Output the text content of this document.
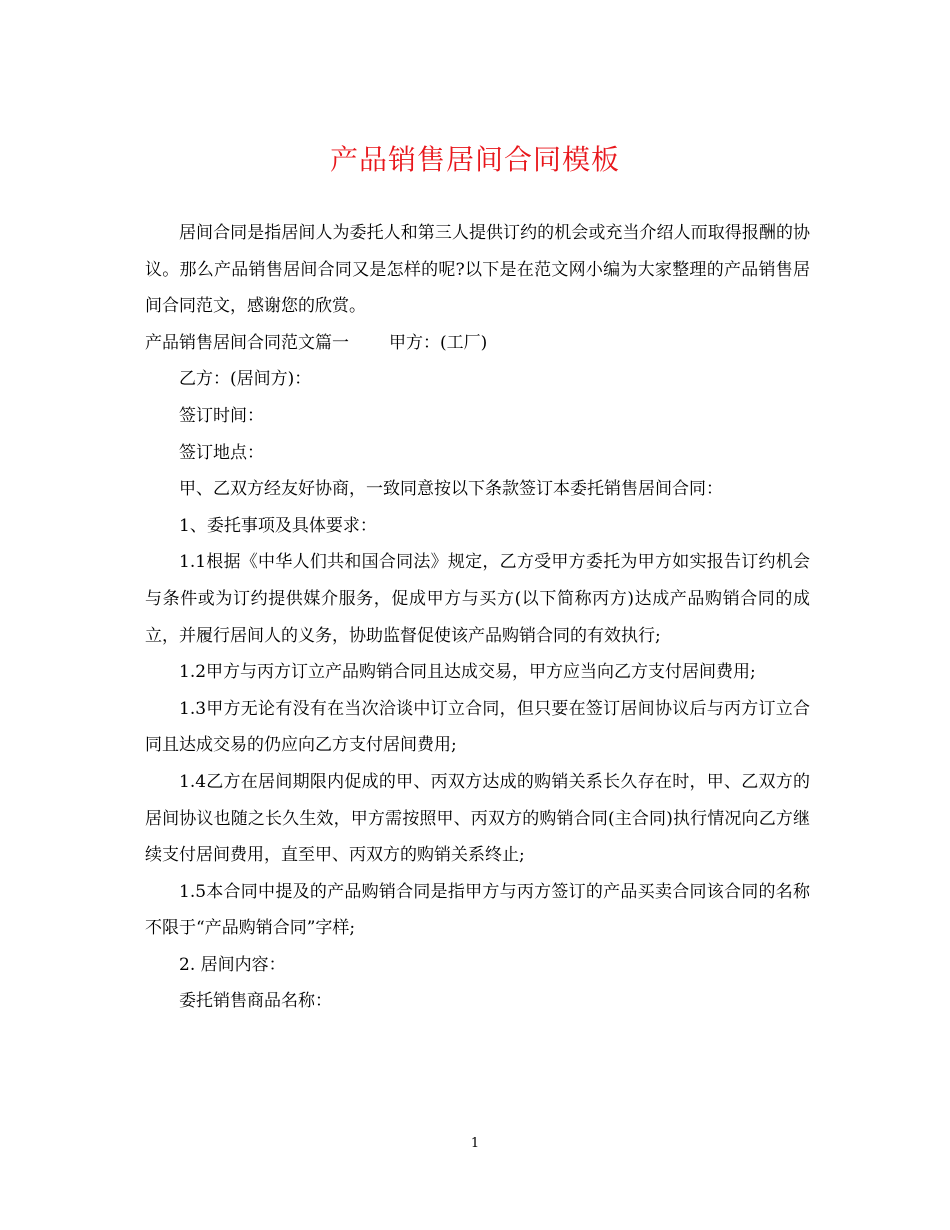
产品销售居间合同模板

居间合同是指居间人为委托人和第三人提供订约的机会或充当介绍人而取得报酬的协议。那么产品销售居间合同又是怎样的呢?以下是在范文网小编为大家整理的产品销售居间合同范文，感谢您的欣赏。

产品销售居间合同范文篇一 甲方：(工厂)

乙方：(居间方)：

签订时间：

签订地点：

甲、乙双方经友好协商，一致同意按以下条款签订本委托销售居间合同：

1、委托事项及具体要求：

1.1根据《中华人们共和国合同法》规定，乙方受甲方委托为甲方如实报告订约机会与条件或为订约提供媒介服务，促成甲方与买方(以下简称丙方)达成产品购销合同的成立，并履行居间人的义务，协助监督促使该产品购销合同的有效执行;

1.2甲方与丙方订立产品购销合同且达成交易，甲方应当向乙方支付居间费用;

1.3甲方无论有没有在当次洽谈中订立合同，但只要在签订居间协议后与丙方订立合同且达成交易的仍应向乙方支付居间费用;

1.4乙方在居间期限内促成的甲、丙双方达成的购销关系长久存在时，甲、乙双方的居间协议也随之长久生效，甲方需按照甲、丙双方的购销合同(主合同)执行情况向乙方继续支付居间费用，直至甲、丙双方的购销关系终止;

1.5本合同中提及的产品购销合同是指甲方与丙方签订的产品买卖合同该合同的名称不限于“产品购销合同”字样;

2. 居间内容：

委托销售商品名称：

1
